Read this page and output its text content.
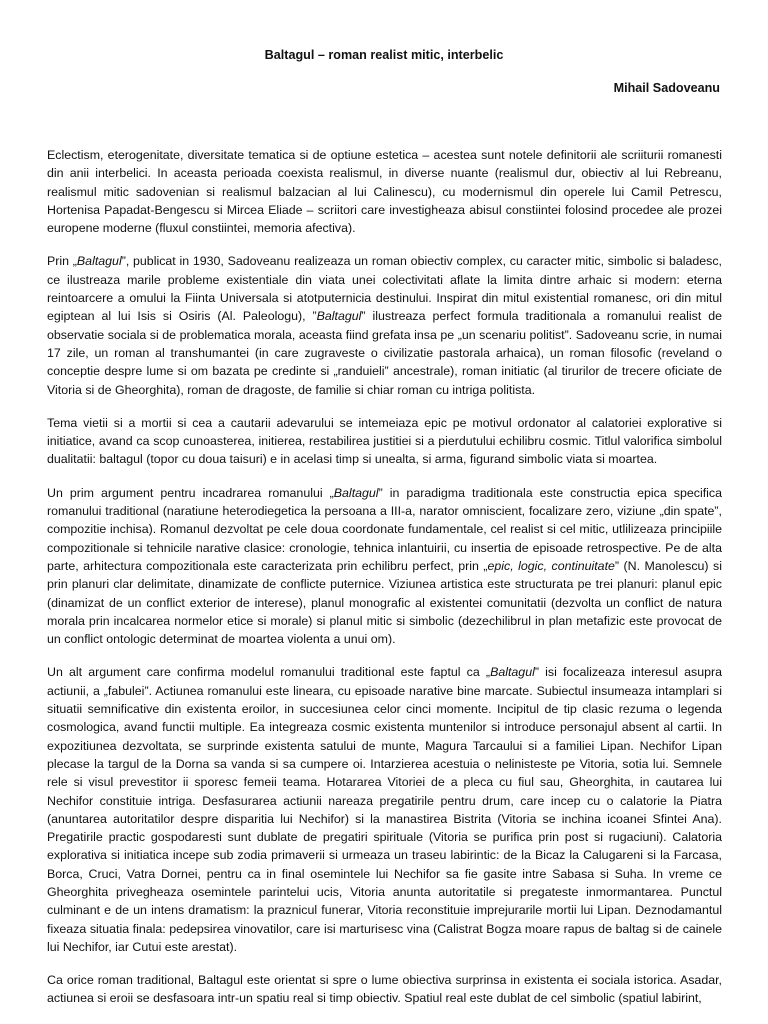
Baltagul – roman realist mitic, interbelic
Mihail Sadoveanu

Eclectism, eterogenitate, diversitate tematica si de optiune estetica – acestea sunt notele definitorii ale scriiturii romanesti din anii interbelici. In aceasta perioada coexista realismul, in diverse nuante (realismul dur, obiectiv al lui Rebreanu, realismul mitic sadovenian si realismul balzacian al lui Calinescu), cu modernismul din operele lui Camil Petrescu, Hortenisa Papadat-Bengescu si Mircea Eliade – scriitori care investigheaza abisul constiintei folosind procedee ale prozei europene moderne (fluxul constiintei, memoria afectiva).

Prin „Baltagul”, publicat in 1930, Sadoveanu realizeaza un roman obiectiv complex, cu caracter mitic, simbolic si baladesc, ce ilustreaza marile probleme existentiale din viata unei colectivitati aflate la limita dintre arhaic si modern: eterna reintoarcere a omului la Fiinta Universala si atotputernicia destinului. Inspirat din mitul existential romanesc, ori din mitul egiptean al lui Isis si Osiris (Al. Paleologu), ”Baltagul” ilustreaza perfect formula traditionala a romanului realist de observatie sociala si de problematica morala, aceasta fiind grefata insa pe „un scenariu politist”. Sadoveanu scrie, in numai 17 zile, un roman al transhumantei (in care zugraveste o civilizatie pastorala arhaica), un roman filosofic (reveland o conceptie despre lume si om bazata pe credinte si „randuieli” ancestrale), roman initiatic (al tirurilor de trecere oficiate de Vitoria si de Gheorghita), roman de dragoste, de familie si chiar roman cu intriga politista.

Tema vietii si a mortii si cea a cautarii adevarului se intemeiaza epic pe motivul ordonator al calatoriei explorative si initiatice, avand ca scop cunoasterea, initierea, restabilirea justitiei si a pierdutului echilibru cosmic. Titlul valorifica simbolul dualitatii: baltagul (topor cu doua taisuri) e in acelasi timp si unealta, si arma, figurand simbolic viata si moartea.

Un prim argument pentru incadrarea romanului „Baltagul” in paradigma traditionala este constructia epica specifica romanului traditional (naratiune heterodiegetica la persoana a III-a, narator omniscient, focalizare zero, viziune „din spate”, compozitie inchisa). Romanul dezvoltat pe cele doua coordonate fundamentale, cel realist si cel mitic, utlilizeaza principiile compozitionale si tehnicile narative clasice: cronologie, tehnica inlantuirii, cu insertia de episoade retrospective. Pe de alta parte, arhitectura compozitionala este caracterizata prin echilibru perfect, prin „epic, logic, continuitate” (N. Manolescu) si prin planuri clar delimitate, dinamizate de conflicte puternice. Viziunea artistica este structurata pe trei planuri: planul epic (dinamizat de un conflict exterior de interese), planul monografic al existentei comunitatii (dezvolta un conflict de natura morala prin incalcarea normelor etice si morale) si planul mitic si simbolic (dezechilibrul in plan metafizic este provocat de un conflict ontologic determinat de moartea violenta a unui om).

Un alt argument care confirma modelul romanului traditional este faptul ca „Baltagul” isi focalizeaza interesul asupra actiunii, a „fabulei”. Actiunea romanului este lineara, cu episoade narative bine marcate. Subiectul insumeaza intamplari si situatii semnificative din existenta eroilor, in succesiunea celor cinci momente. Incipitul de tip clasic rezuma o legenda cosmologica, avand functii multiple. Ea integreaza cosmic existenta muntenilor si introduce personajul absent al cartii. In expozitiunea dezvoltata, se surprinde existenta satului de munte, Magura Tarcaului si a familiei Lipan. Nechifor Lipan plecase la targul de la Dorna sa vanda si sa cumpere oi. Intarzierea acestuia o nelinisteste pe Vitoria, sotia lui. Semnele rele si visul prevestitor ii sporesc femeii teama. Hotararea Vitoriei de a pleca cu fiul sau, Gheorghita, in cautarea lui Nechifor constituie intriga. Desfasurarea actiunii nareaza pregatirile pentru drum, care incep cu o calatorie la Piatra (anuntarea autoritatilor despre disparitia lui Nechifor) si la manastirea Bistrita (Vitoria se inchina icoanei Sfintei Ana). Pregatirile practic gospodaresti sunt dublate de pregatiri spirituale (Vitoria se purifica prin post si rugaciuni). Calatoria explorativa si initiatica incepe sub zodia primaverii si urmeaza un traseu labirintic: de la Bicaz la Calugareni si la Farcasa, Borca, Cruci, Vatra Dornei, pentru ca in final osemintele lui Nechifor sa fie gasite intre Sabasa si Suha. In vreme ce Gheorghita privegheaza osemintele parintelui ucis, Vitoria anunta autoritatile si pregateste inmormantarea. Punctul culminant e de un intens dramatism: la praznicul funerar, Vitoria reconstituie imprejurarile mortii lui Lipan. Deznodamantul fixeaza situatia finala: pedepsirea vinovatilor, care isi marturisesc vina (Calistrat Bogza moare rapus de baltag si de cainele lui Nechifor, iar Cutui este arestat).

Ca orice roman traditional, Baltagul este orientat si spre o lume obiectiva surprinsa in existenta ei sociala istorica. Asadar, actiunea si eroii se desfasoara intr-un spatiu real si timp obiectiv. Spatiul real este dublat de cel simbolic (spatiul labirint,
